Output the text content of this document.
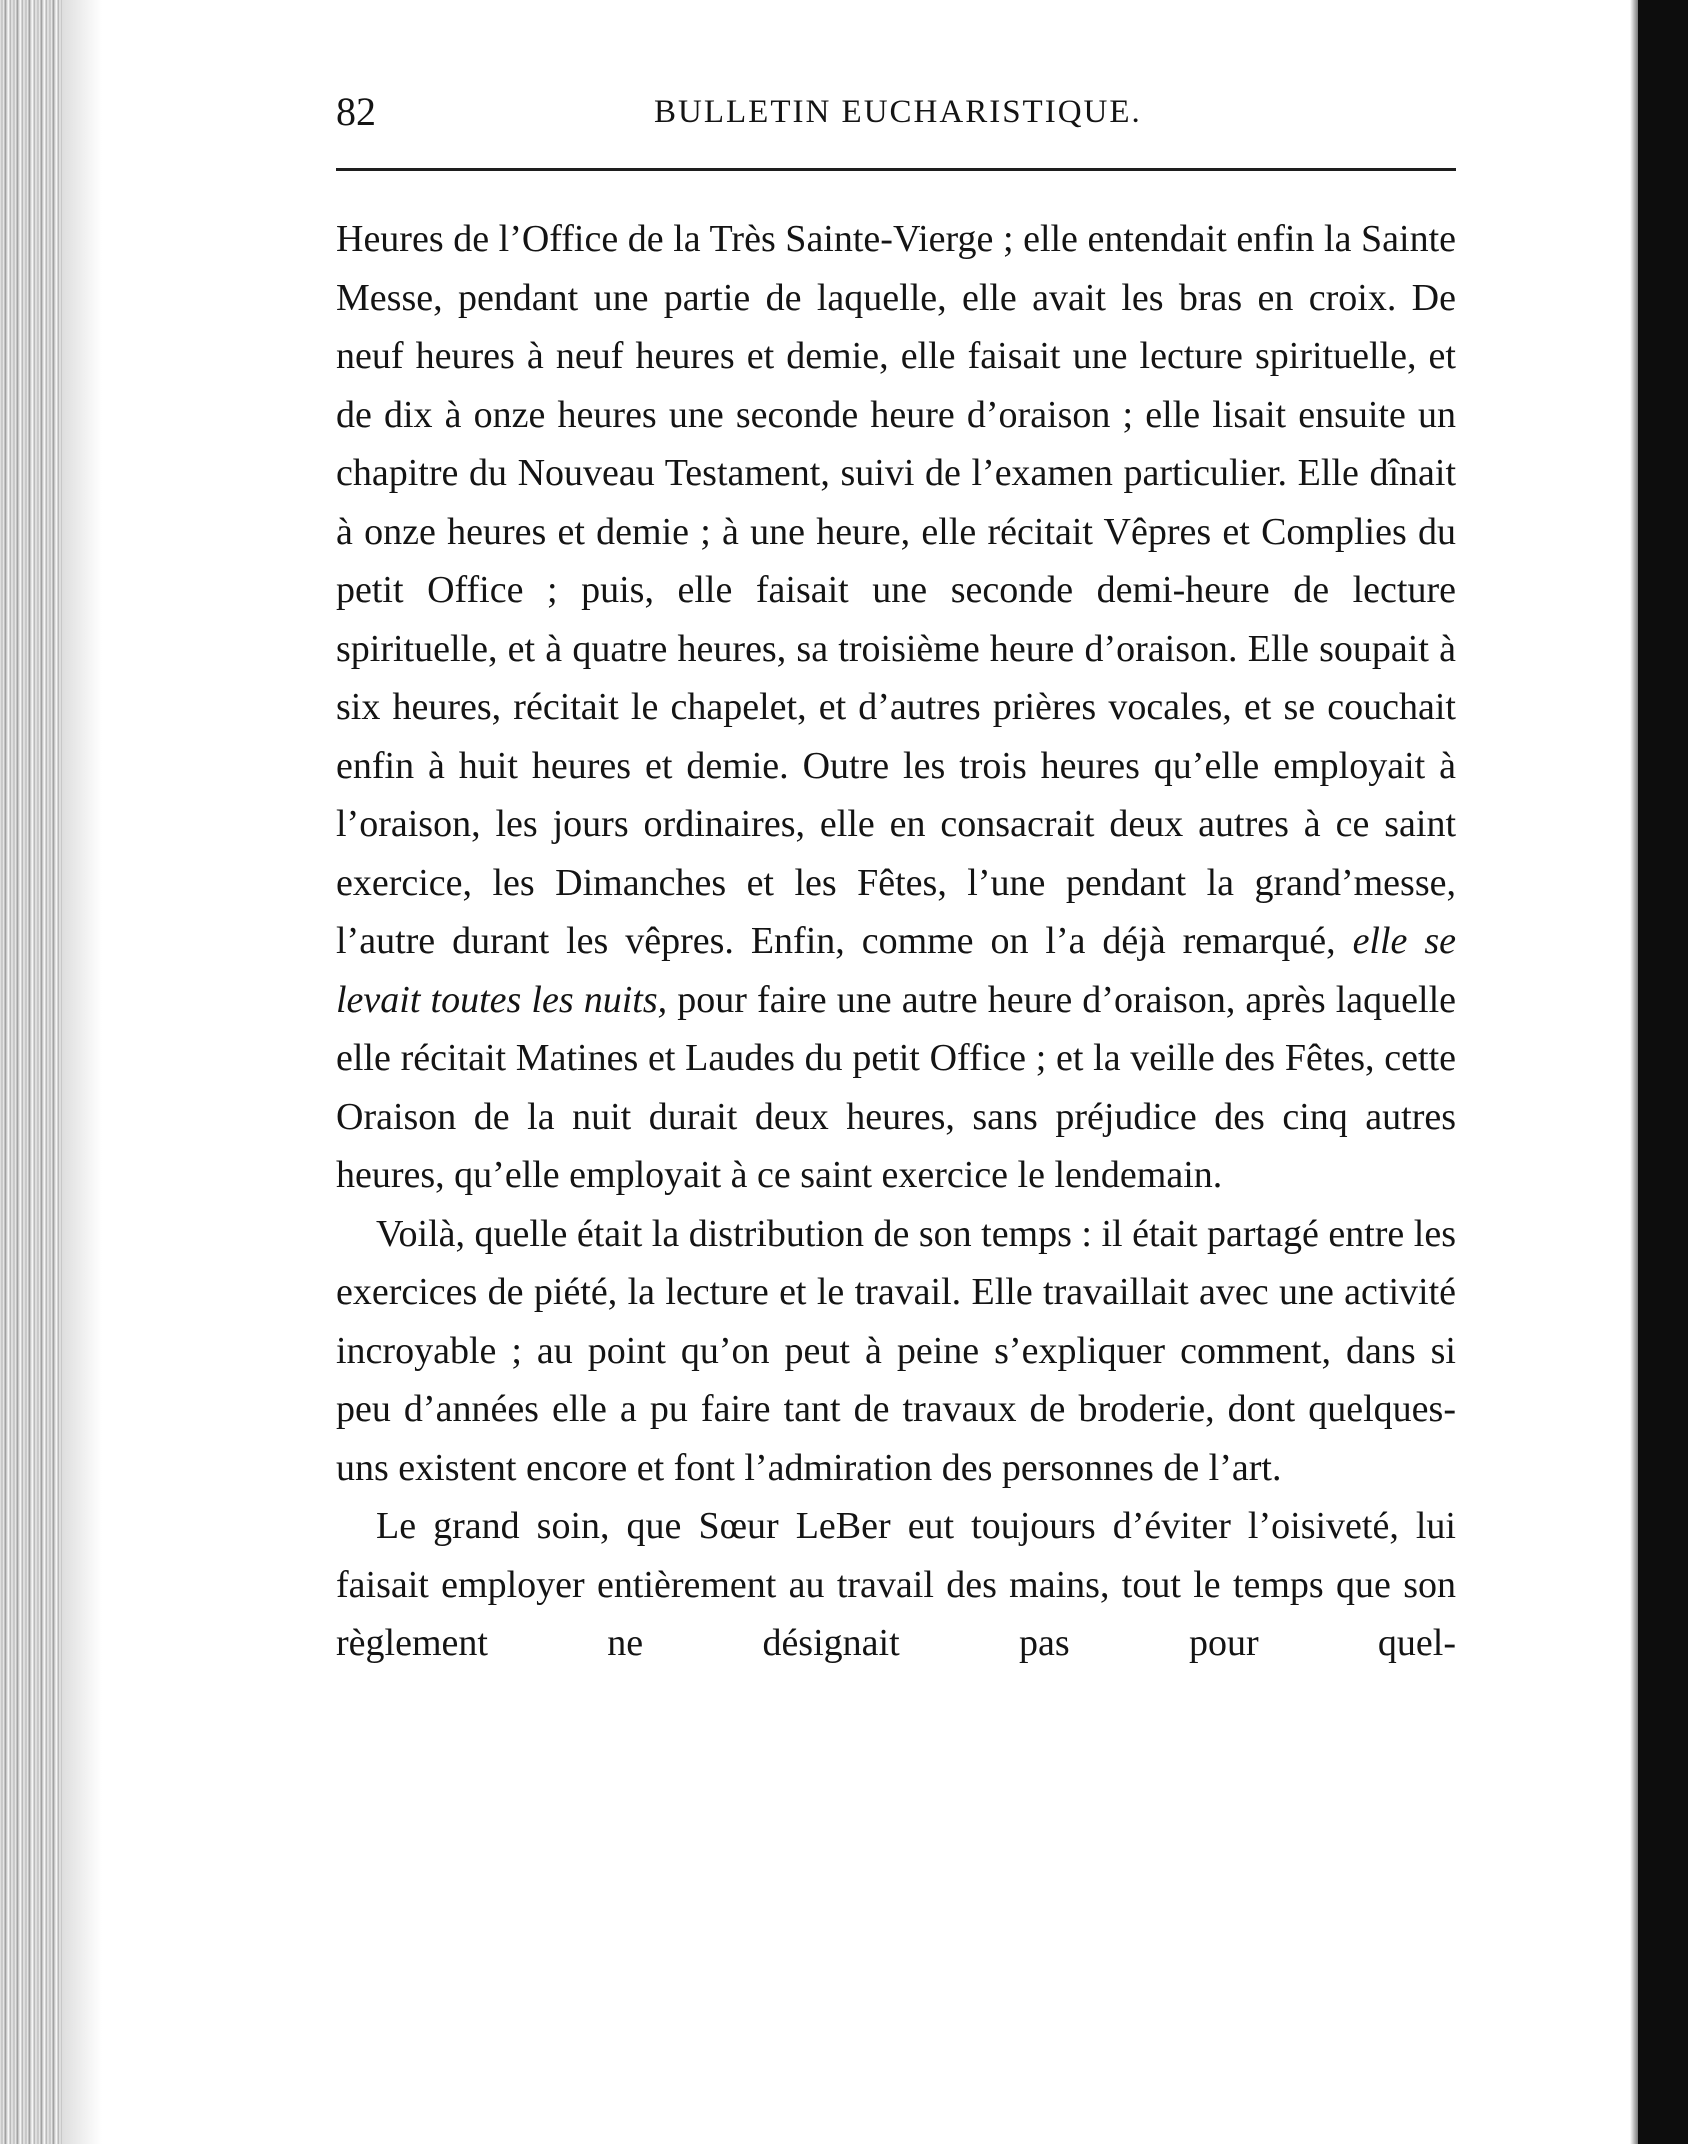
82	BULLETIN EUCHARISTIQUE.

Heures de l’Office de la Très Sainte-Vierge ; elle entendait enfin la Sainte Messe, pendant une partie de laquelle, elle avait les bras en croix. De neuf heures à neuf heures et demie, elle faisait une lecture spirituelle, et de dix à onze heures une seconde heure d’oraison ; elle lisait ensuite un chapitre du Nouveau Testament, suivi de l’examen particulier. Elle dînait à onze heures et demie ; à une heure, elle récitait Vêpres et Complies du petit Office ; puis, elle faisait une seconde demi-heure de lecture spirituelle, et à quatre heures, sa troisième heure d’oraison. Elle soupait à six heures, récitait le chapelet, et d’autres prières vocales, et se couchait enfin à huit heures et demie. Outre les trois heures qu’elle employait à l’oraison, les jours ordinaires, elle en consacrait deux autres à ce saint exercice, les Dimanches et les Fêtes, l’une pendant la grand’messe, l’autre durant les vêpres. Enfin, comme on l’a déjà remarqué, elle se levait toutes les nuits, pour faire une autre heure d’oraison, après laquelle elle récitait Matines et Laudes du petit Office ; et la veille des Fêtes, cette Oraison de la nuit durait deux heures, sans préjudice des cinq autres heures, qu’elle employait à ce saint exercice le lendemain.

Voilà, quelle était la distribution de son temps : il était partagé entre les exercices de piété, la lecture et le travail. Elle travaillait avec une activité incroyable ; au point qu’on peut à peine s’expliquer comment, dans si peu d’années elle a pu faire tant de travaux de broderie, dont quelques-uns existent encore et font l’admiration des personnes de l’art.

Le grand soin, que Sœur LeBer eut toujours d’éviter l’oisiveté, lui faisait employer entièrement au travail des mains, tout le temps que son règlement ne désignait pas pour quel-
